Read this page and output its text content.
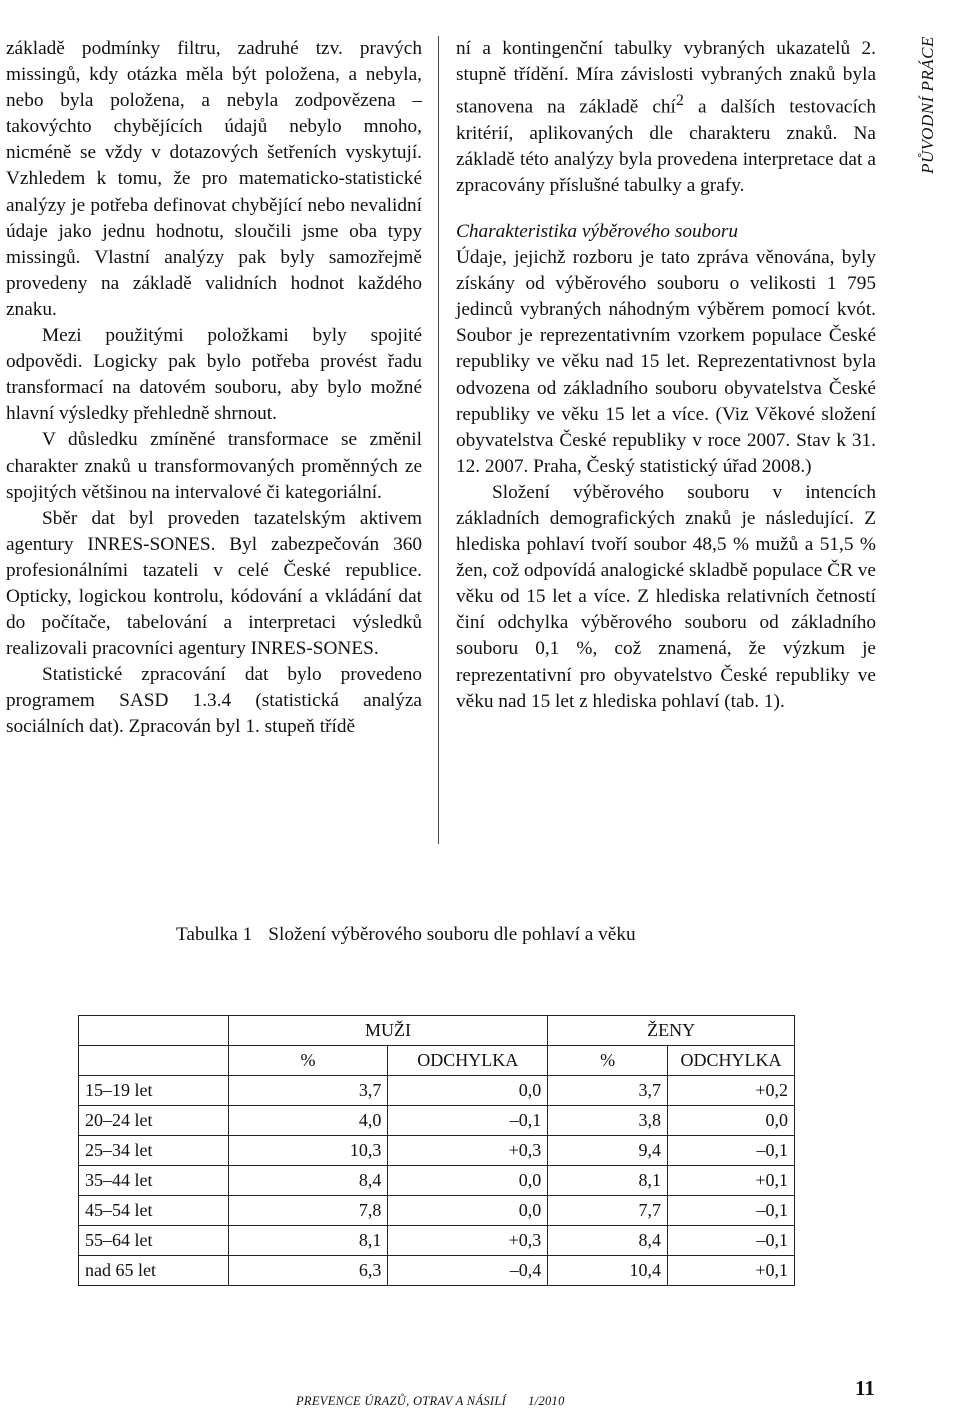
základě podmínky filtru, zadruhé tzv. pravých missingů, kdy otázka měla být položena, a nebyla, nebo byla položena, a nebyla zodpovězena – takovýchto chybějících údajů nebylo mnoho, nicméně se vždy v dotazových šetřeních vyskytují. Vzhledem k tomu, že pro matematicko-statistické analýzy je potřeba definovat chybějící nebo nevalidní údaje jako jednu hodnotu, sloučili jsme oba typy missingů. Vlastní analýzy pak byly samozřejmě provedeny na základě validních hodnot každého znaku.

Mezi použitými položkami byly spojité odpovědi. Logicky pak bylo potřeba provést řadu transformací na datovém souboru, aby bylo možné hlavní výsledky přehledně shrnout.

V důsledku zmíněné transformace se změnil charakter znaků u transformovaných proměnných ze spojitých většinou na intervalové či kategoriální.

Sběr dat byl proveden tazatelským aktivem agentury INRES-SONES. Byl zabezpečován 360 profesionálními tazateli v celé České republice. Opticky, logickou kontrolu, kódování a vkládání dat do počítače, tabelování a interpretaci výsledků realizovali pracovníci agentury INRES-SONES.

Statistické zpracování dat bylo provedeno programem SASD 1.3.4 (statistická analýza sociálních dat). Zpracován byl 1. stupeň třídě

ní a kontingenční tabulky vybraných ukazatelů 2. stupně třídění. Míra závislosti vybraných znaků byla stanovena na základě chí$^2$ a dalších testovacích kritérií, aplikovaných dle charakteru znaků. Na základě této analýzy byla provedena interpretace dat a zpracovány příslušné tabulky a grafy.

Charakteristika výběrového souboru

Údaje, jejichž rozboru je tato zpráva věnována, byly získány od výběrového souboru o velikosti 1 795 jedinců vybraných náhodným výběrem pomocí kvót. Soubor je reprezentativním vzorkem populace České republiky ve věku nad 15 let. Reprezentativnost byla odvozena od základního souboru obyvatelstva České republiky ve věku 15 let a více. (Viz Věkové složení obyvatelstva České republiky v roce 2007. Stav k 31. 12. 2007. Praha, Český statistický úřad 2008.)

Složení výběrového souboru v intencích základních demografických znaků je následující. Z hlediska pohlaví tvoří soubor 48,5 % mužů a 51,5 % žen, což odpovídá analogické skladbě populace ČR ve věku od 15 let a více. Z hlediska relativních četností činí odchylka výběrového souboru od základního souboru 0,1 %, což znamená, že výzkum je reprezentativní pro obyvatelstvo České republiky ve věku nad 15 let z hlediska pohlaví (tab. 1).

PŮVODNÍ PRÁCE
Tabulka 1 Složení výběrového souboru dle pohlaví a věku
	MUŽI		ŽENY	
	%	ODCHYLKA	%	ODCHYLKA
15–19 let	3,7	0,0	3,7	+0,2
20–24 let	4,0	–0,1	3,8	0,0
25–34 let	10,3	+0,3	9,4	–0,1
35–44 let	8,4	0,0	8,1	+0,1
45–54 let	7,8	0,0	7,7	–0,1
55–64 let	8,1	+0,3	8,4	–0,1
nad 65 let	6,3	–0,4	10,4	+0,1
PREVENCE ÚRAZŮ, OTRAV A NÁSILÍ 1/2010
11
